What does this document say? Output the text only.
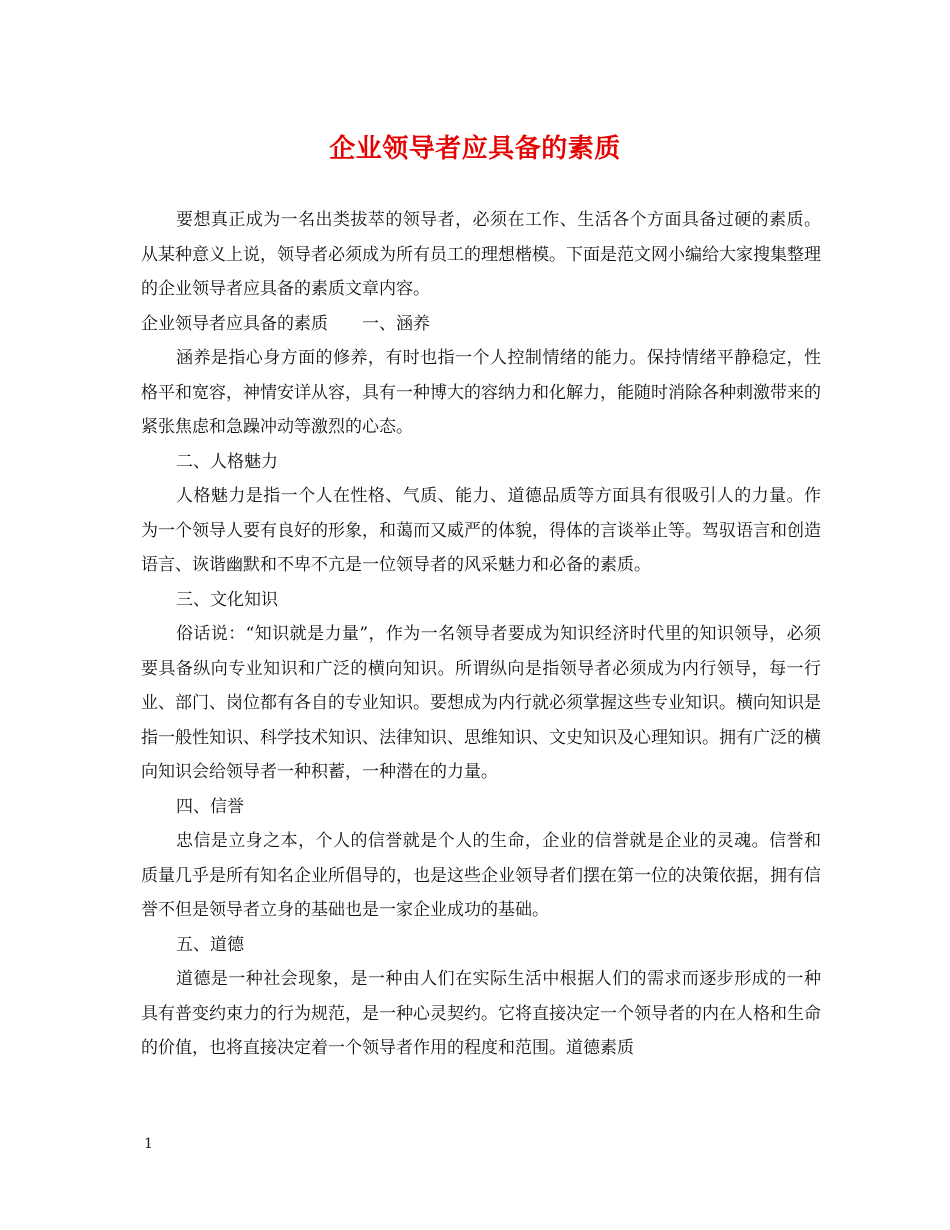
企业领导者应具备的素质

要想真正成为一名出类拔萃的领导者，必须在工作、生活各个方面具备过硬的素质。从某种意义上说，领导者必须成为所有员工的理想楷模。下面是范文网小编给大家搜集整理的企业领导者应具备的素质文章内容。

企业领导者应具备的素质　　一、涵养

涵养是指心身方面的修养，有时也指一个人控制情绪的能力。保持情绪平静稳定，性格平和宽容，神情安详从容，具有一种博大的容纳力和化解力，能随时消除各种刺激带来的紧张焦虑和急躁冲动等激烈的心态。

二、人格魅力

人格魅力是指一个人在性格、气质、能力、道德品质等方面具有很吸引人的力量。作为一个领导人要有良好的形象，和蔼而又威严的体貌，得体的言谈举止等。驾驭语言和创造语言、诙谐幽默和不卑不亢是一位领导者的风采魅力和必备的素质。

三、文化知识

俗话说：“知识就是力量”，作为一名领导者要成为知识经济时代里的知识领导，必须要具备纵向专业知识和广泛的横向知识。所谓纵向是指领导者必须成为内行领导，每一行业、部门、岗位都有各自的专业知识。要想成为内行就必须掌握这些专业知识。横向知识是指一般性知识、科学技术知识、法律知识、思维知识、文史知识及心理知识。拥有广泛的横向知识会给领导者一种积蓄，一种潜在的力量。

四、信誉

忠信是立身之本，个人的信誉就是个人的生命，企业的信誉就是企业的灵魂。信誉和质量几乎是所有知名企业所倡导的，也是这些企业领导者们摆在第一位的决策依据，拥有信誉不但是领导者立身的基础也是一家企业成功的基础。

五、道德

道德是一种社会现象，是一种由人们在实际生活中根据人们的需求而逐步形成的一种具有普变约束力的行为规范，是一种心灵契约。它将直接决定一个领导者的内在人格和生命的价值，也将直接决定着一个领导者作用的程度和范围。道德素质

1
